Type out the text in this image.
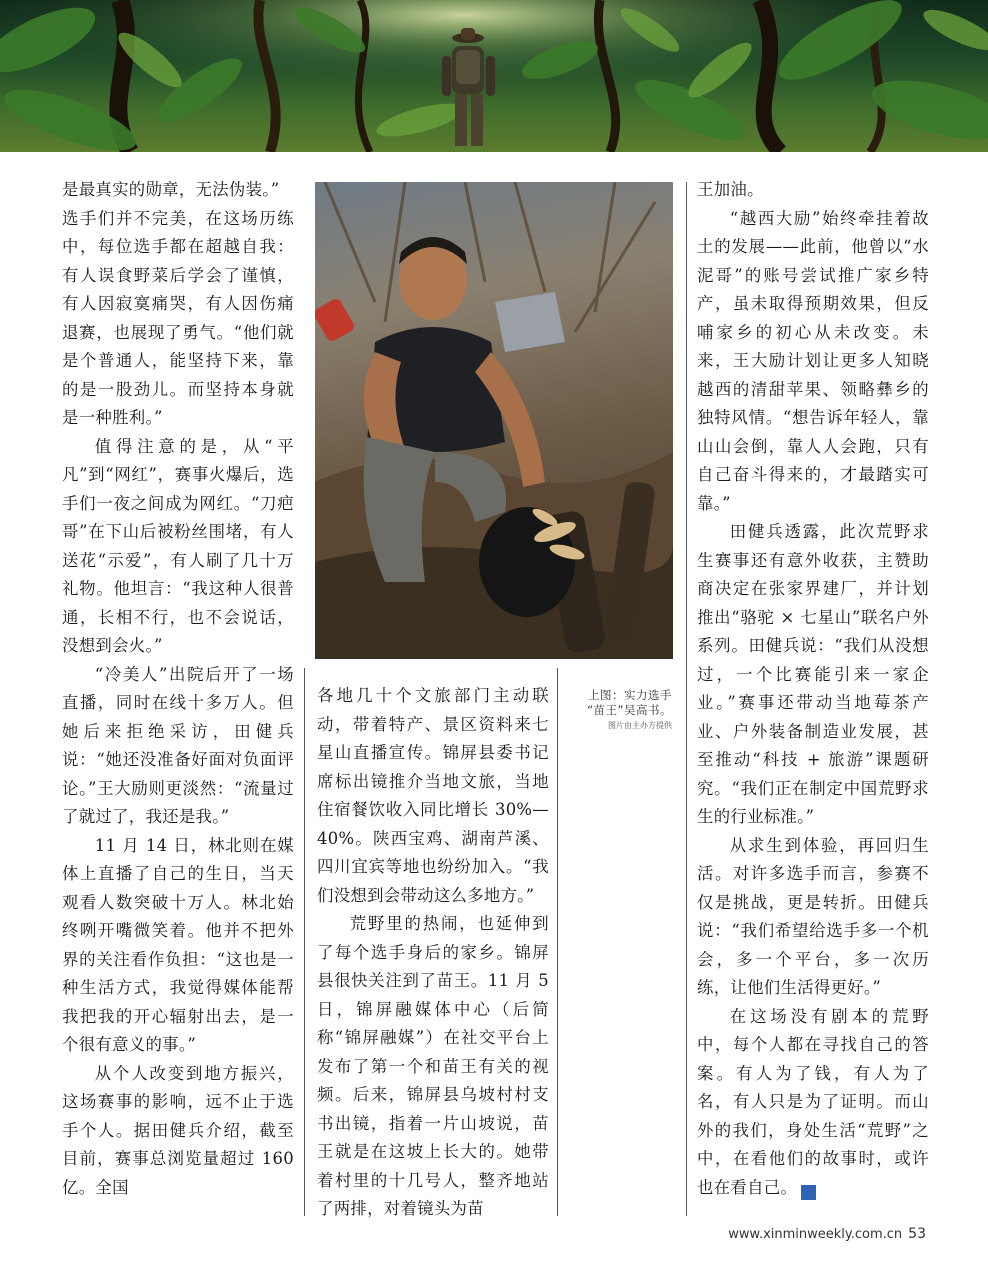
是最真实的勋章，无法伪装。”

选手们并不完美，在这场历练中，每位选手都在超越自我：有人误食野菜后学会了谨慎，有人因寂寞痛哭，有人因伤痛退赛，也展现了勇气。“他们就是个普通人，能坚持下来，靠的是一股劲儿。而坚持本身就是一种胜利。”

值得注意的是，从“平凡”到“网红”，赛事火爆后，选手们一夜之间成为网红。“刀疤哥”在下山后被粉丝围堵，有人送花“示爱”，有人刷了几十万礼物。他坦言：“我这种人很普通，长相不行，也不会说话，没想到会火。”

“冷美人”出院后开了一场直播，同时在线十多万人。但她后来拒绝采访，田健兵说：“她还没准备好面对负面评论。”王大励则更淡然：“流量过了就过了，我还是我。”

11 月 14 日，林北则在媒体上直播了自己的生日，当天观看人数突破十万人。林北始终咧开嘴微笑着。他并不把外界的关注看作负担：“这也是一种生活方式，我觉得媒体能帮我把我的开心辐射出去，是一个很有意义的事。”

从个人改变到地方振兴，这场赛事的影响，远不止于选手个人。据田健兵介绍，截至目前，赛事总浏览量超过 160 亿。全国

各地几十个文旅部门主动联动，带着特产、景区资料来七星山直播宣传。锦屏县委书记席标出镜推介当地文旅，当地住宿餐饮收入同比增长 30%—40%。陕西宝鸡、湖南芦溪、四川宜宾等地也纷纷加入。“我们没想到会带动这么多地方。”

荒野里的热闹，也延伸到了每个选手身后的家乡。锦屏县很快关注到了苗王。11 月 5 日，锦屏融媒体中心（后简称“锦屏融媒”）在社交平台上发布了第一个和苗王有关的视频。后来，锦屏县乌坡村村支书出镜，指着一片山坡说，苗王就是在这坡上长大的。她带着村里的十几号人，整齐地站了两排，对着镜头为苗

上图：实力选手
“苗王”吴高书。
图片由主办方提供

王加油。

“越西大励”始终牵挂着故土的发展——此前，他曾以“水泥哥”的账号尝试推广家乡特产，虽未取得预期效果，但反哺家乡的初心从未改变。未来，王大励计划让更多人知晓越西的清甜苹果、领略彝乡的独特风情。“想告诉年轻人，靠山山会倒，靠人人会跑，只有自己奋斗得来的，才最踏实可靠。”

田健兵透露，此次荒野求生赛事还有意外收获，主赞助商决定在张家界建厂，并计划推出“骆驼 × 七星山”联名户外系列。田健兵说：“我们从没想过，一个比赛能引来一家企业。”赛事还带动当地莓茶产业、户外装备制造业发展，甚至推动“科技 + 旅游”课题研究。“我们正在制定中国荒野求生的行业标准。”

从求生到体验，再回归生活。对许多选手而言，参赛不仅是挑战，更是转折。田健兵说：“我们希望给选手多一个机会，多一个平台，多一次历练，让他们生活得更好。”

在这场没有剧本的荒野中，每个人都在寻找自己的答案。有人为了钱，有人为了名，有人只是为了证明。而山外的我们，身处生活“荒野”之中，在看他们的故事时，或许也在看自己。	民

www.xinminweekly.com.cn 53
